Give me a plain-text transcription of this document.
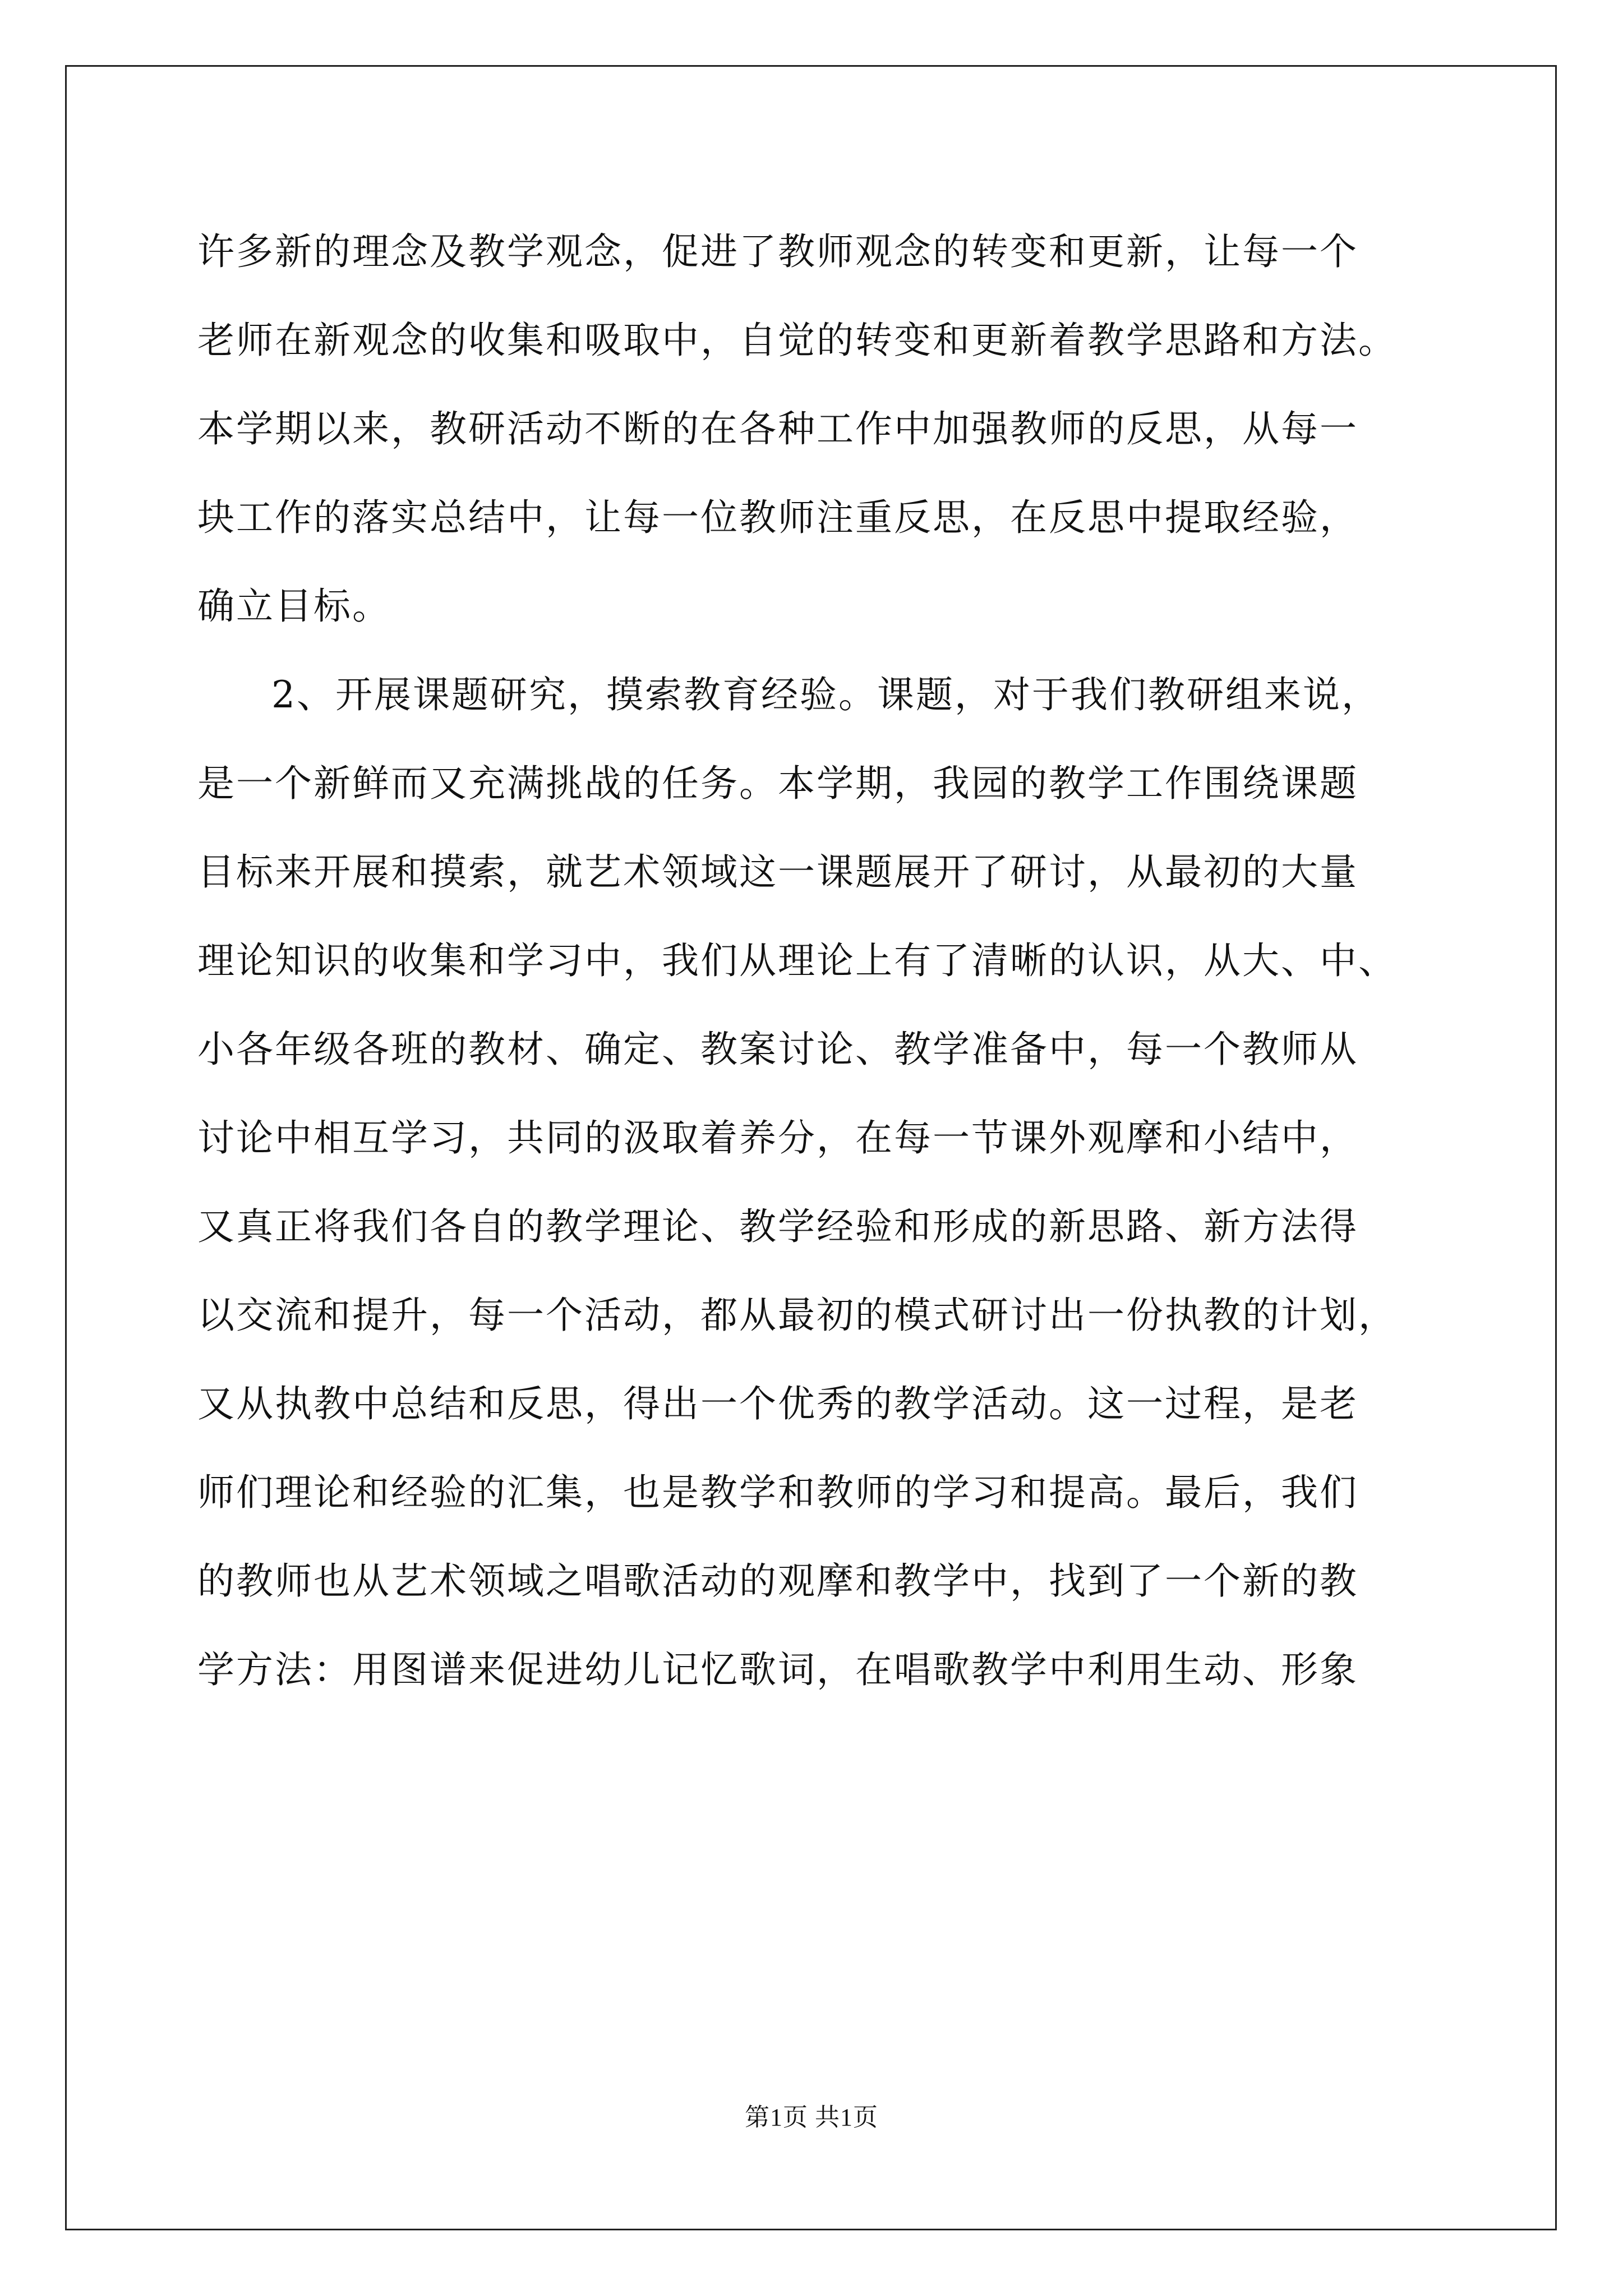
许多新的理念及教学观念，促进了教师观念的转变和更新，让每一个
老师在新观念的收集和吸取中，自觉的转变和更新着教学思路和方法。
本学期以来，教研活动不断的在各种工作中加强教师的反思，从每一
块工作的落实总结中，让每一位教师注重反思，在反思中提取经验，
确立目标。
2、开展课题研究，摸索教育经验。课题，对于我们教研组来说，
是一个新鲜而又充满挑战的任务。本学期，我园的教学工作围绕课题
目标来开展和摸索，就艺术领域这一课题展开了研讨，从最初的大量
理论知识的收集和学习中，我们从理论上有了清晰的认识，从大、中、
小各年级各班的教材、确定、教案讨论、教学准备中，每一个教师从
讨论中相互学习，共同的汲取着养分，在每一节课外观摩和小结中，
又真正将我们各自的教学理论、教学经验和形成的新思路、新方法得
以交流和提升，每一个活动，都从最初的模式研讨出一份执教的计划，
又从执教中总结和反思，得出一个优秀的教学活动。这一过程，是老
师们理论和经验的汇集，也是教学和教师的学习和提高。最后，我们
的教师也从艺术领域之唱歌活动的观摩和教学中，找到了一个新的教
学方法：用图谱来促进幼儿记忆歌词，在唱歌教学中利用生动、形象
第1页 共1页
